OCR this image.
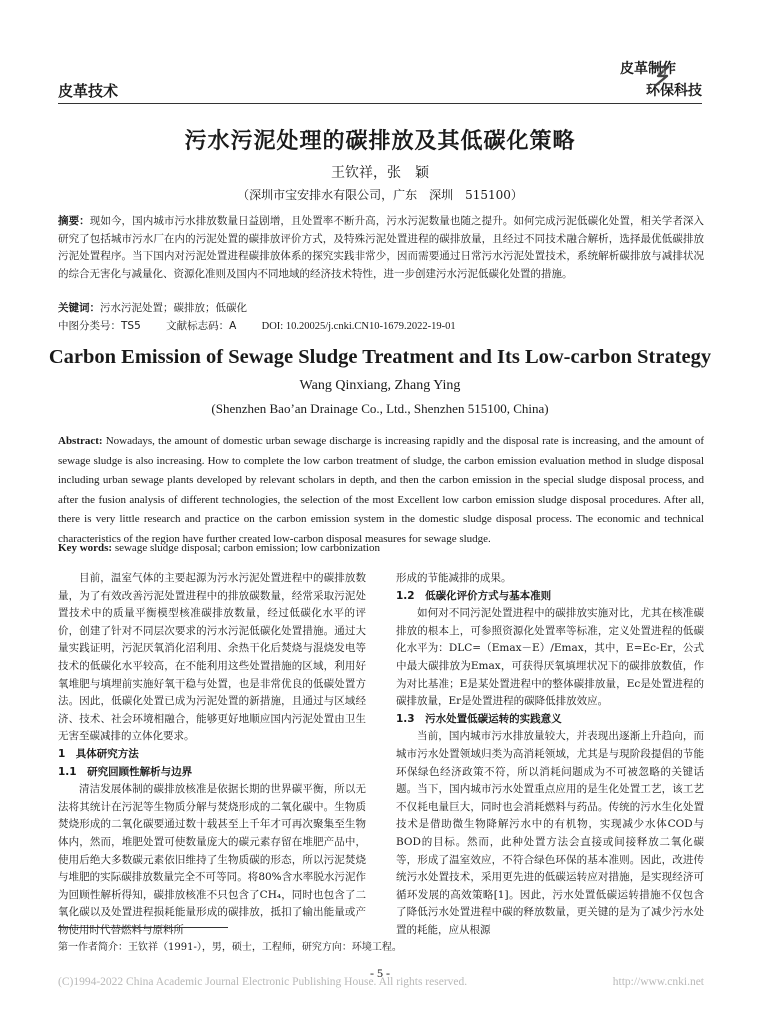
皮革技术
皮革制作
环保科技
污水污泥处理的碳排放及其低碳化策略
王钦祥，张　颖
（深圳市宝安排水有限公司，广东　深圳　515100）
摘要：现如今，国内城市污水排放数量日益剧增，且处置率不断升高，污水污泥数量也随之提升。如何完成污泥低碳化处置，相关学者深入研究了包括城市污水厂在内的污泥处置的碳排放评价方式，及特殊污泥处置进程的碳排放量，且经过不同技术融合解析，选择最优低碳排放污泥处置程序。当下国内对污泥处置进程碳排放体系的探究实践非常少，因而需要通过日常污水污泥处置技术，系统解析碳排放与减排状况的综合无害化与减量化、资源化准则及国内不同地域的经济技术特性，进一步创建污水污泥低碳化处置的措施。
关键词：污水污泥处置；碳排放；低碳化
中图分类号：TS5 文献标志码：A DOI: 10.20025/j.cnki.CN10-1679.2022-19-01
Carbon Emission of Sewage Sludge Treatment and Its Low-carbon Strategy
Wang Qinxiang, Zhang Ying
(Shenzhen Bao’an Drainage Co., Ltd., Shenzhen 515100, China)
Abstract: Nowadays, the amount of domestic urban sewage discharge is increasing rapidly and the disposal rate is increasing, and the amount of sewage sludge is also increasing. How to complete the low carbon treatment of sludge, the carbon emission evaluation method in sludge disposal including urban sewage plants developed by relevant scholars in depth, and then the carbon emission in the special sludge disposal process, and after the fusion analysis of different technologies, the selection of the most Excellent low carbon emission sludge disposal procedures. After all, there is very little research and practice on the carbon emission system in the domestic sludge disposal process. The economic and technical characteristics of the region have further created low-carbon disposal measures for sewage sludge.
Key words: sewage sludge disposal; carbon emission; low carbonization

目前，温室气体的主要起源为污水污泥处置进程中的碳排放数量，为了有效改善污泥处置进程中的排放碳数量，经常采取污泥处置技术中的质量平衡模型核准碳排放数量，经过低碳化水平的评价，创建了针对不同层次要求的污水污泥低碳化处置措施。通过大量实践证明，污泥厌氧消化沼利用、余热干化后焚烧与混烧发电等技术的低碳化水平较高，在不能利用这些处置措施的区域，利用好氧堆肥与填埋前实施好氧干稳与处置，也是非常优良的低碳处置方法。因此，低碳化处置已成为污泥处置的新措施，且通过与区域经济、技术、社会环境相融合，能够更好地顺应国内污泥处置由卫生无害至碳减排的立体化要求。

1　具体研究方法

1.1　研究回顾性解析与边界

清洁发展体制的碳排放核准是依据长期的世界碳平衡，所以无法将其统计在污泥等生物质分解与焚烧形成的二氧化碳中。生物质焚烧形成的二氧化碳要通过数十载甚至上千年才可再次聚集至生物体内，然而，堆肥处置可使数量庞大的碳元素存留在堆肥产品中，使用后绝大多数碳元素依旧维持了生物质碳的形态，所以污泥焚烧与堆肥的实际碳排放数量完全不可等同。将80%含水率脱水污泥作为回顾性解析得知，碳排放核准不只包含了CH₄，同时也包含了二氧化碳以及处置进程损耗能量形成的碳排放，抵扣了输出能量或产物使用时代替燃料与原料所

形成的节能减排的成果。

1.2　低碳化评价方式与基本准则

如何对不同污泥处置进程中的碳排放实施对比，尤其在核准碳排放的根本上，可参照资源化处置率等标准，定义处置进程的低碳化水平为：DLC=（Emax－E）/Emax，其中，E=Ec-Er，公式中最大碳排放为Emax，可获得厌氧填埋状况下的碳排放数值，作为对比基准；E是某处置进程中的整体碳排放量，Ec是处置进程的碳排放量，Er是处置进程的碳降低排放效应。

1.3　污水处置低碳运转的实践意义

当前，国内城市污水排放量较大，并表现出逐渐上升趋向，而城市污水处置领域归类为高消耗领域，尤其是与現阶段提倡的节能环保绿色经济政策不符，所以消耗问题成为不可被忽略的关键话题。当下，国内城市污水处置重点应用的是生化处置工艺，该工艺不仅耗电量巨大，同时也会消耗燃料与药品。传统的污水生化处置技术是借助微生物降解污水中的有机物，实现减少水体COD与BOD的目标。然而，此种处置方法会直接或间接释放二氧化碳等，形成了温室效应，不符合绿色环保的基本准则。因此，改进传统污水处置技术，采用更先进的低碳运转应对措施，是实现经济可循环发展的高效策略[1]。因此，污水处置低碳运转措施不仅包含了降低污水处置进程中碳的释放数量，更关键的是为了减少污水处置的耗能，应从根源

第一作者简介：王钦祥（1991-），男，硕士，工程师，研究方向：环境工程。
- 5 -
(C)1994-2022 China Academic Journal Electronic Publishing House. All rights reserved.	http://www.cnki.net
